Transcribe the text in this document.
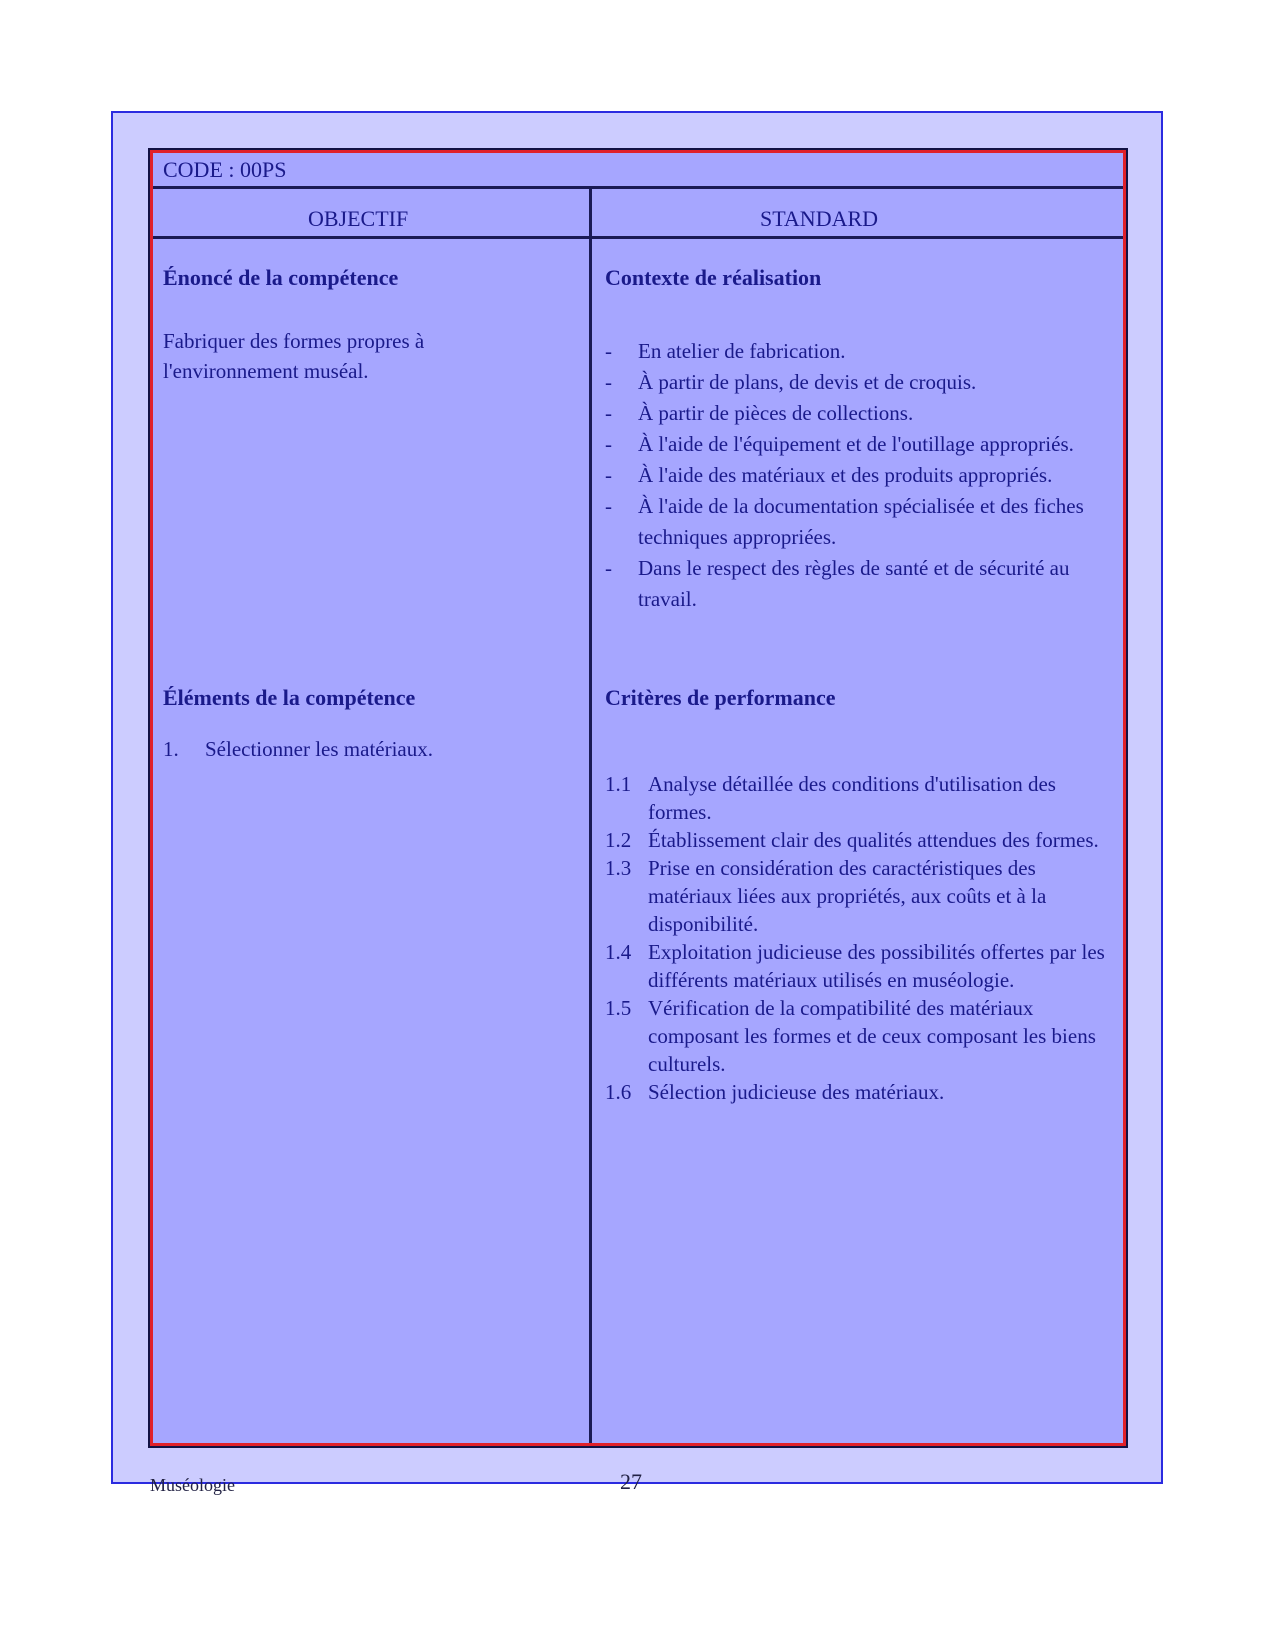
CODE : 00PS
OBJECTIF	STANDARD
Énoncé de la compétence
Fabriquer des formes propres à
l'environnement muséal.
Éléments de la compétence
1. Sélectionner les matériaux.
Contexte de réalisation
- En atelier de fabrication.
- À partir de plans, de devis et de croquis.
- À partir de pièces de collections.
- À l'aide de l'équipement et de l'outillage appropriés.
- À l'aide des matériaux et des produits appropriés.
- À l'aide de la documentation spécialisée et des fiches techniques appropriées.
- Dans le respect des règles de santé et de sécurité au travail.
Critères de performance
1.1 Analyse détaillée des conditions d'utilisation des formes.
1.2 Établissement clair des qualités attendues des formes.
1.3 Prise en considération des caractéristiques des matériaux liées aux propriétés, aux coûts et à la disponibilité.
1.4 Exploitation judicieuse des possibilités offertes par les différents matériaux utilisés en muséologie.
1.5 Vérification de la compatibilité des matériaux composant les formes et de ceux composant les biens culturels.
1.6 Sélection judicieuse des matériaux.
Muséologie	27
